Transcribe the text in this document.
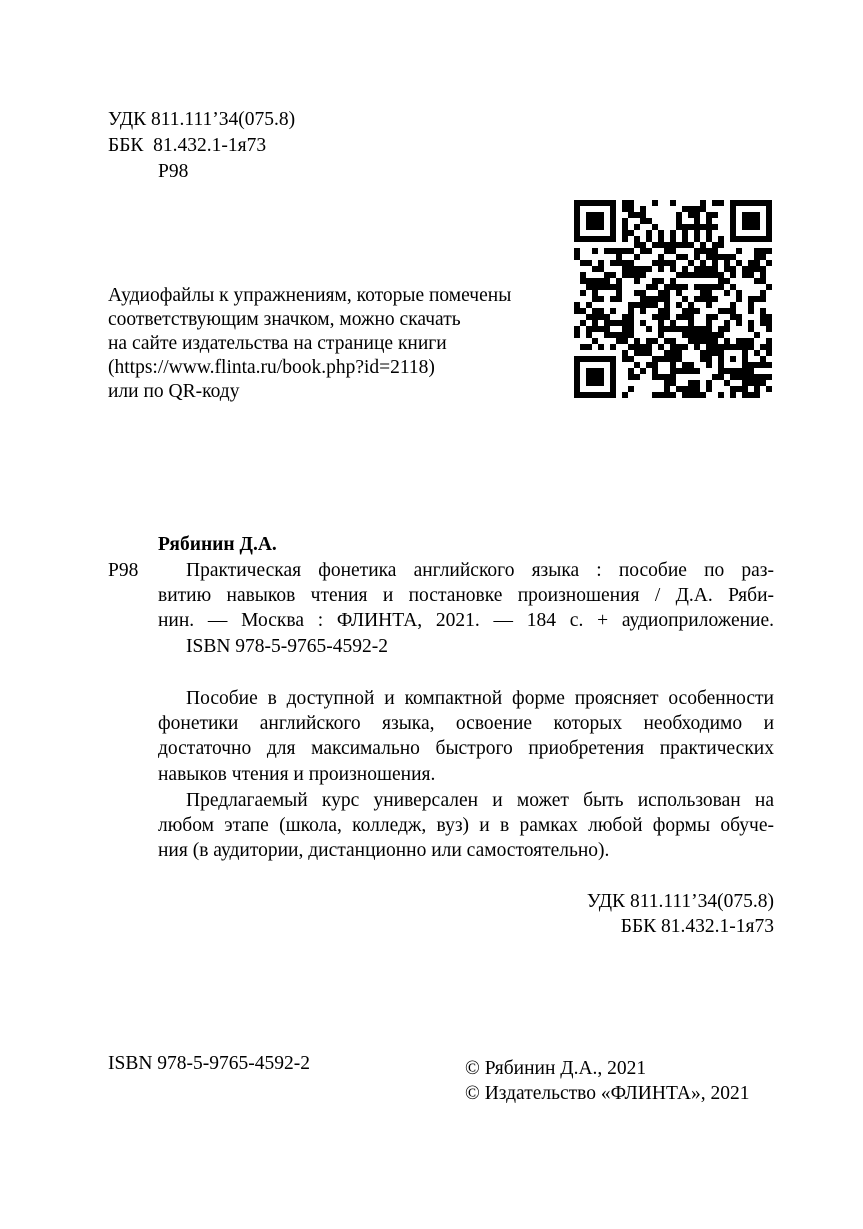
УДК 811.111’34(075.8)
ББК  81.432.1-1я73
Р98
Аудиофайлы к упражнениям, которые помечены
соответствующим значком, можно скачать
на сайте издательства на странице книги
(https://www.flinta.ru/book.php?id=2118)
или по QR-коду
Рябинин Д.А.
Р98 Практическая фонетика английского языка : пособие по раз-
витию навыков чтения и постановке произношения / Д.А. Ряби-
нин. — Москва : ФЛИНТА, 2021. — 184 с. + аудиоприложение.
ISBN 978-5-9765-4592-2
Пособие в доступной и компактной форме проясняет особенности
фонетики английского языка, освоение которых необходимо и
достаточно для максимально быстрого приобретения практических
навыков чтения и произношения.
Предлагаемый курс универсален и может быть использован на
любом этапе (школа, колледж, вуз) и в рамках любой формы обуче-
ния (в аудитории, дистанционно или самостоятельно).
УДК 811.111’34(075.8)
ББК 81.432.1-1я73
ISBN 978-5-9765-4592-2	© Рябинин Д.А., 2021
© Издательство «ФЛИНТА», 2021
